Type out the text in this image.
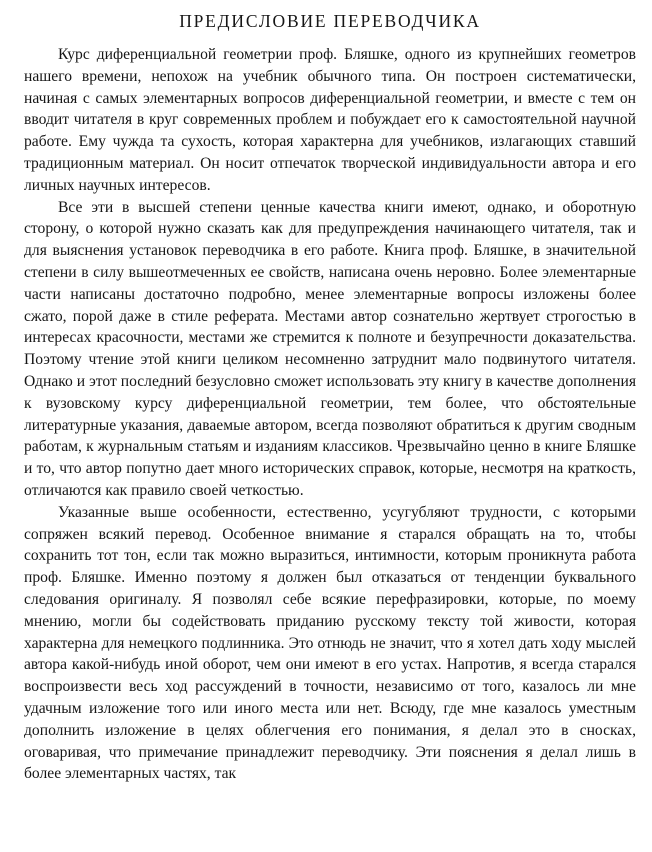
ПРЕДИСЛОВИЕ ПЕРЕВОДЧИКА

Курс диференциальной геометрии проф. Бляшке, одного из крупнейших геометров нашего времени, непохож на учебник обычного типа. Он построен систематически, начиная с самых элементарных вопросов диференциальной геометрии, и вместе с тем он вводит читателя в круг современных проблем и побуждает его к самостоятельной научной работе. Ему чужда та сухость, которая характерна для учебников, излагающих ставший традиционным материал. Он носит отпечаток творческой индивидуальности автора и его личных научных интересов.

Все эти в высшей степени ценные качества книги имеют, однако, и оборотную сторону, о которой нужно сказать как для предупреждения начинающего читателя, так и для выяснения установок переводчика в его работе. Книга проф. Бляшке, в значительной степени в силу вышеотмеченных ее свойств, написана очень неровно. Более элементарные части написаны достаточно подробно, менее элементарные вопросы изложены более сжато, порой даже в стиле реферата. Местами автор сознательно жертвует строгостью в интересах красочности, местами же стремится к полноте и безупречности доказательства. Поэтому чтение этой книги целиком несомненно затруднит мало подвинутого читателя. Однако и этот последний безусловно сможет использовать эту книгу в качестве дополнения к вузовскому курсу диференциальной геометрии, тем более, что обстоятельные литературные указания, даваемые автором, всегда позволяют обратиться к другим сводным работам, к журнальным статьям и изданиям классиков. Чрезвычайно ценно в книге Бляшке и то, что автор попутно дает много исторических справок, которые, несмотря на краткость, отличаются как правило своей четкостью.

Указанные выше особенности, естественно, усугубляют трудности, с которыми сопряжен всякий перевод. Особенное внимание я старался обращать на то, чтобы сохранить тот тон, если так можно выразиться, интимности, которым проникнута работа проф. Бляшке. Именно поэтому я должен был отказаться от тенденции буквального следования оригиналу. Я позволял себе всякие перефразировки, которые, по моему мнению, могли бы содействовать приданию русскому тексту той живости, которая характерна для немецкого подлинника. Это отнюдь не значит, что я хотел дать ходу мыслей автора какой-нибудь иной оборот, чем они имеют в его устах. Напротив, я всегда старался воспроизвести весь ход рассуждений в точности, независимо от того, казалось ли мне удачным изложение того или иного места или нет. Всюду, где мне казалось уместным дополнить изложение в целях облегчения его понимания, я делал это в сносках, оговаривая, что примечание принадлежит переводчику. Эти пояснения я делал лишь в более элементарных частях, так
